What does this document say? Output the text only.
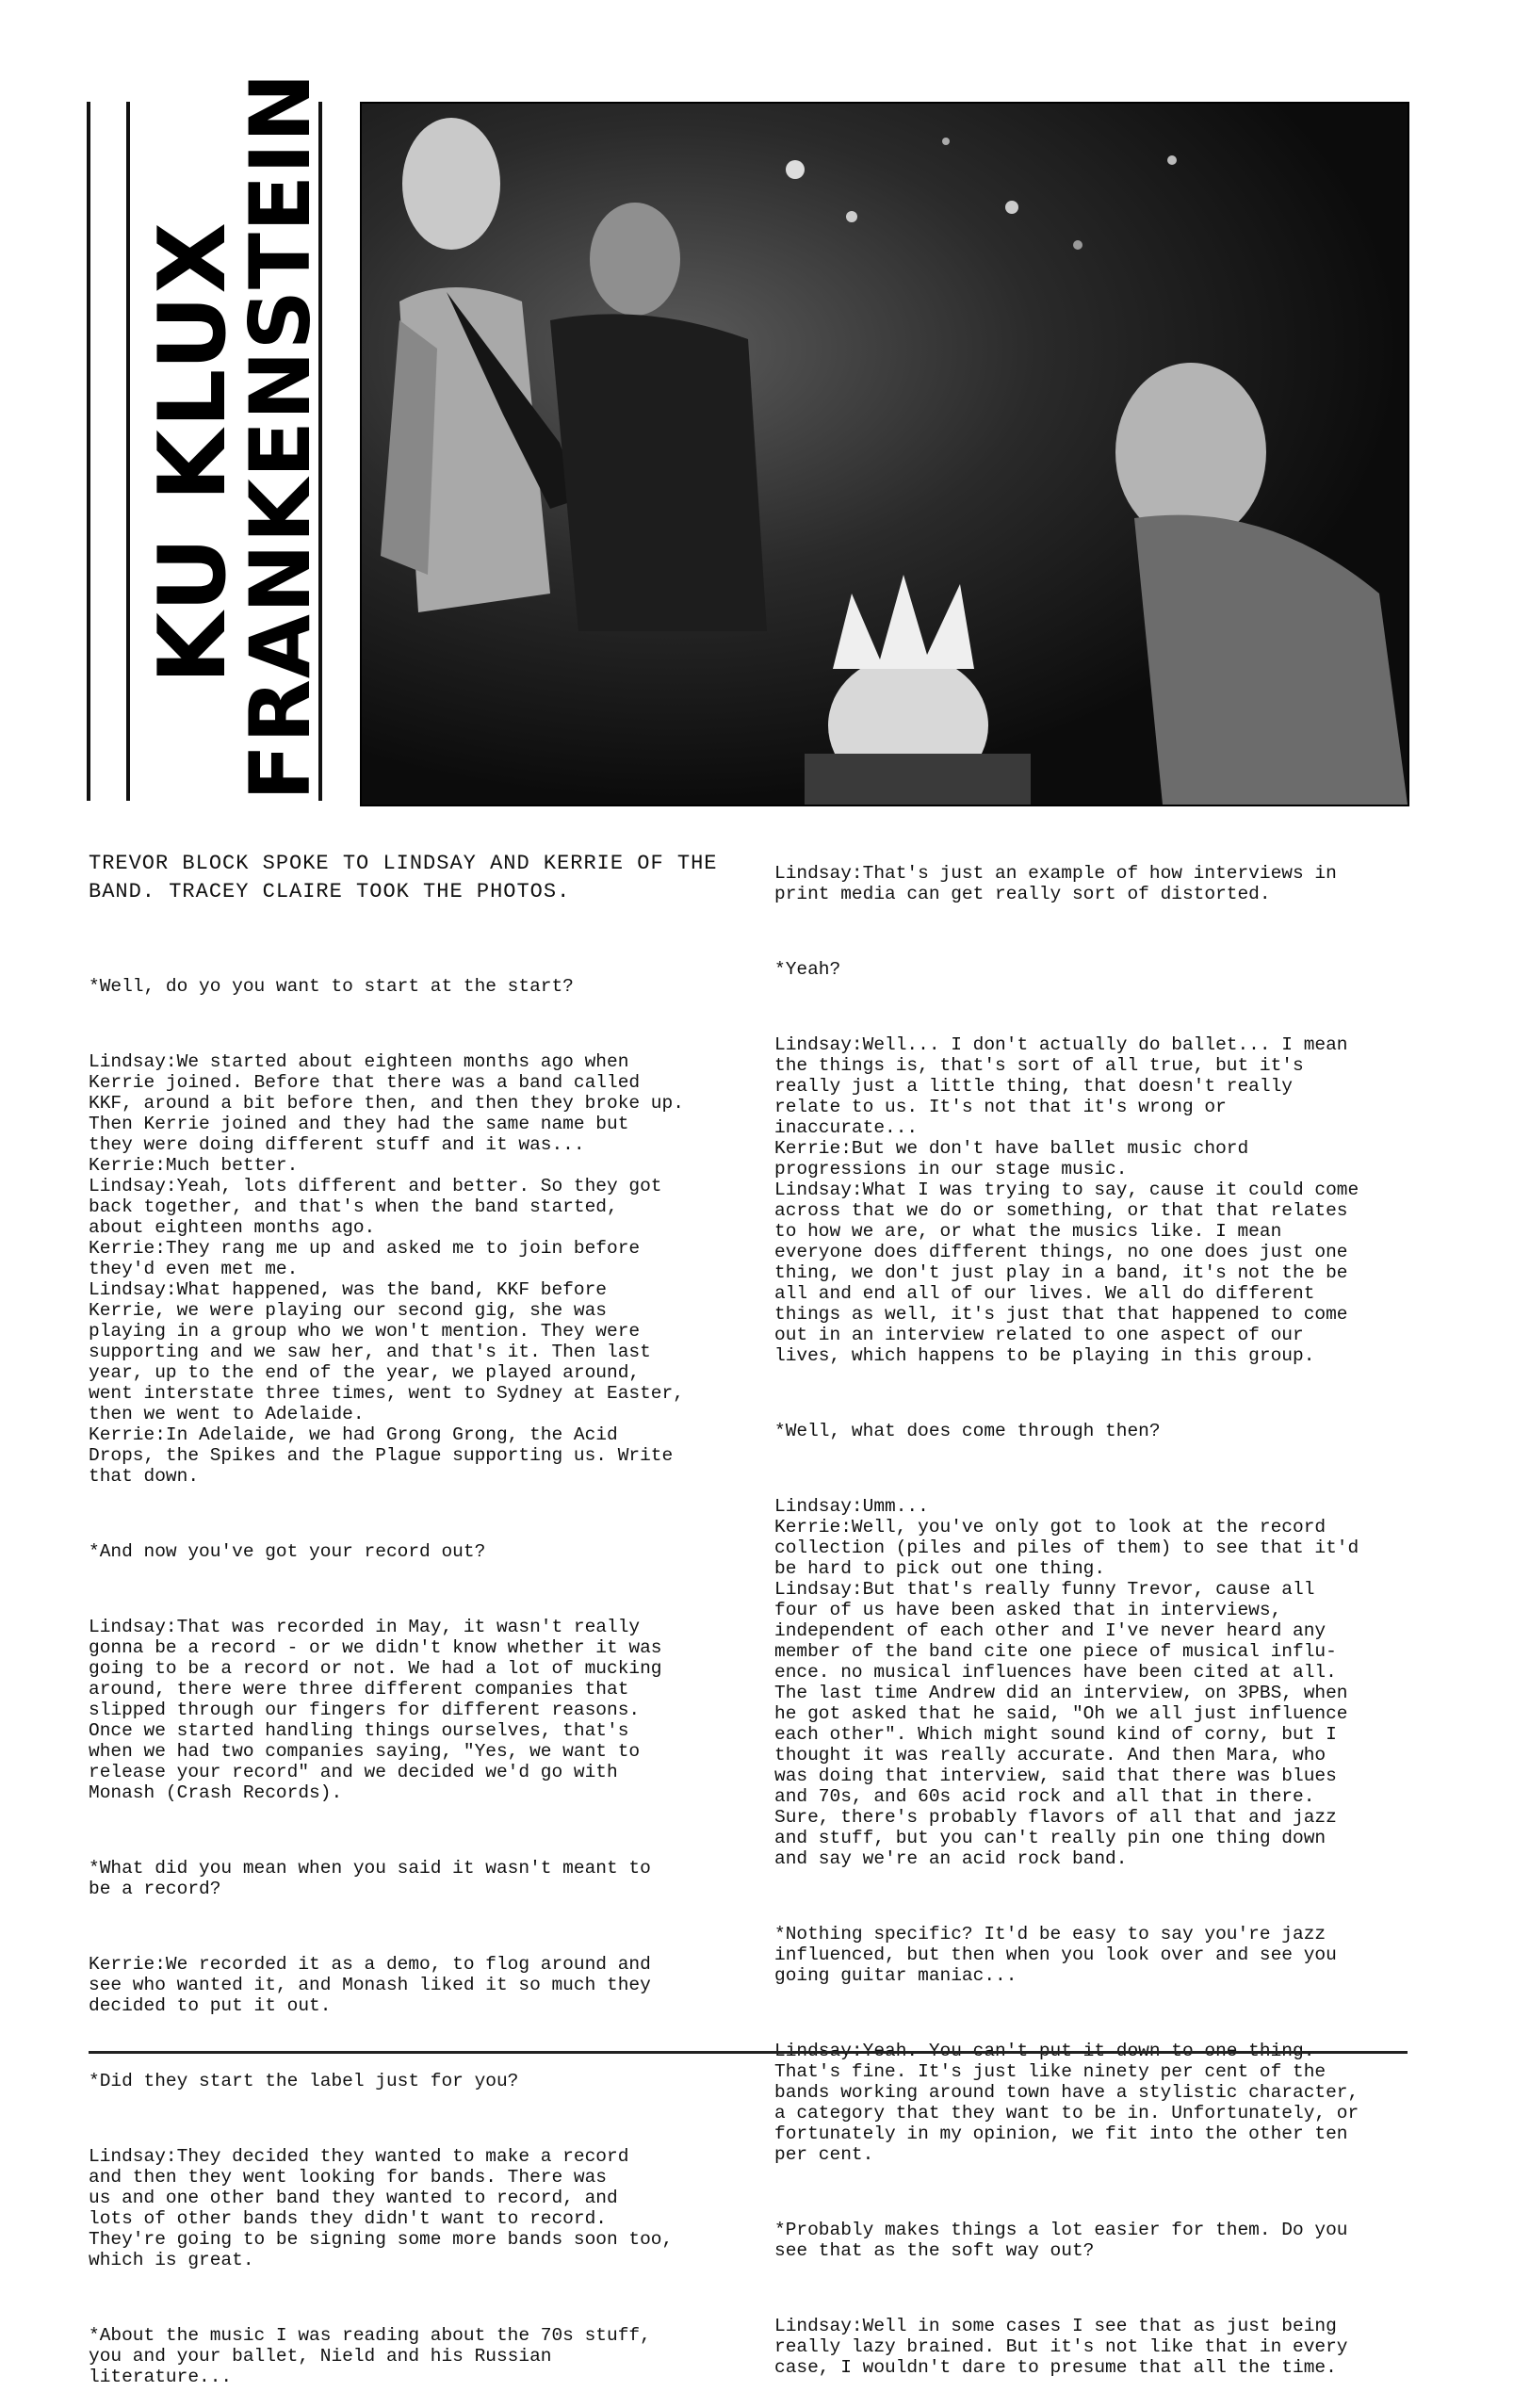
KU KLUX
FRANKENSTEIN
TREVOR BLOCK SPOKE TO LINDSAY AND KERRIE OF THE BAND. TRACEY CLAIRE TOOK THE PHOTOS.

*Well, do yo you want to start at the start?

Lindsay:We started about eighteen months ago when
Kerrie joined. Before that there was a band called
KKF, around a bit before then, and then they broke up.
Then Kerrie joined and they had the same name but
they were doing different stuff and it was...
Kerrie:Much better.
Lindsay:Yeah, lots different and better. So they got
back together, and that's when the band started,
about eighteen months ago.
Kerrie:They rang me up and asked me to join before
they'd even met me.
Lindsay:What happened, was the band, KKF before
Kerrie, we were playing our second gig, she was
playing in a group who we won't mention. They were
supporting and we saw her, and that's it. Then last
year, up to the end of the year, we played around,
went interstate three times, went to Sydney at Easter,
then we went to Adelaide.
Kerrie:In Adelaide, we had Grong Grong, the Acid
Drops, the Spikes and the Plague supporting us. Write
that down.

*And now you've got your record out?

Lindsay:That was recorded in May, it wasn't really
gonna be a record - or we didn't know whether it was
going to be a record or not. We had a lot of mucking
around, there were three different companies that
slipped through our fingers for different reasons.
Once we started handling things ourselves, that's
when we had two companies saying, "Yes, we want to
release your record" and we decided we'd go with
Monash (Crash Records).

*What did you mean when you said it wasn't meant to
be a record?

Kerrie:We recorded it as a demo, to flog around and
see who wanted it, and Monash liked it so much they
decided to put it out.

*Did they start the label just for you?

Lindsay:They decided they wanted to make a record
and then they went looking for bands. There was
us and one other band they wanted to record, and
lots of other bands they didn't want to record.
They're going to be signing some more bands soon too,
which is great.

*About the music I was reading about the 70s stuff,
you and your ballet, Nield and his Russian
literature...

Lindsay:That's just an example of how interviews in
print media can get really sort of distorted.

*Yeah?

Lindsay:Well... I don't actually do ballet... I mean
the things is, that's sort of all true, but it's
really just a little thing, that doesn't really
relate to us. It's not that it's wrong or
inaccurate...
Kerrie:But we don't have ballet music chord
progressions in our stage music.
Lindsay:What I was trying to say, cause it could come
across that we do or something, or that that relates
to how we are, or what the musics like. I mean
everyone does different things, no one does just one
thing, we don't just play in a band, it's not the be
all and end all of our lives. We all do different
things as well, it's just that that happened to come
out in an interview related to one aspect of our
lives, which happens to be playing in this group.

*Well, what does come through then?

Lindsay:Umm...
Kerrie:Well, you've only got to look at the record
collection (piles and piles of them) to see that it'd
be hard to pick out one thing.
Lindsay:But that's really funny Trevor, cause all
four of us have been asked that in interviews,
independent of each other and I've never heard any
member of the band cite one piece of musical influ-
ence. no musical influences have been cited at all.
The last time Andrew did an interview, on 3PBS, when
he got asked that he said, "Oh we all just influence
each other". Which might sound kind of corny, but I
thought it was really accurate. And then Mara, who
was doing that interview, said that there was blues
and 70s, and 60s acid rock and all that in there.
Sure, there's probably flavors of all that and jazz
and stuff, but you can't really pin one thing down
and say we're an acid rock band.

*Nothing specific? It'd be easy to say you're jazz
influenced, but then when you look over and see you
going guitar maniac...

That's fine. It's just like ninety per cent of the
bands working around town have a stylistic character,
a category that they want to be in. Unfortunately, or
fortunately in my opinion, we fit into the other ten
per cent.

*Probably makes things a lot easier for them. Do you
see that as the soft way out?

Lindsay:Well in some cases I see that as just being
really lazy brained. But it's not like that in every
case, I wouldn't dare to presume that all the time.
